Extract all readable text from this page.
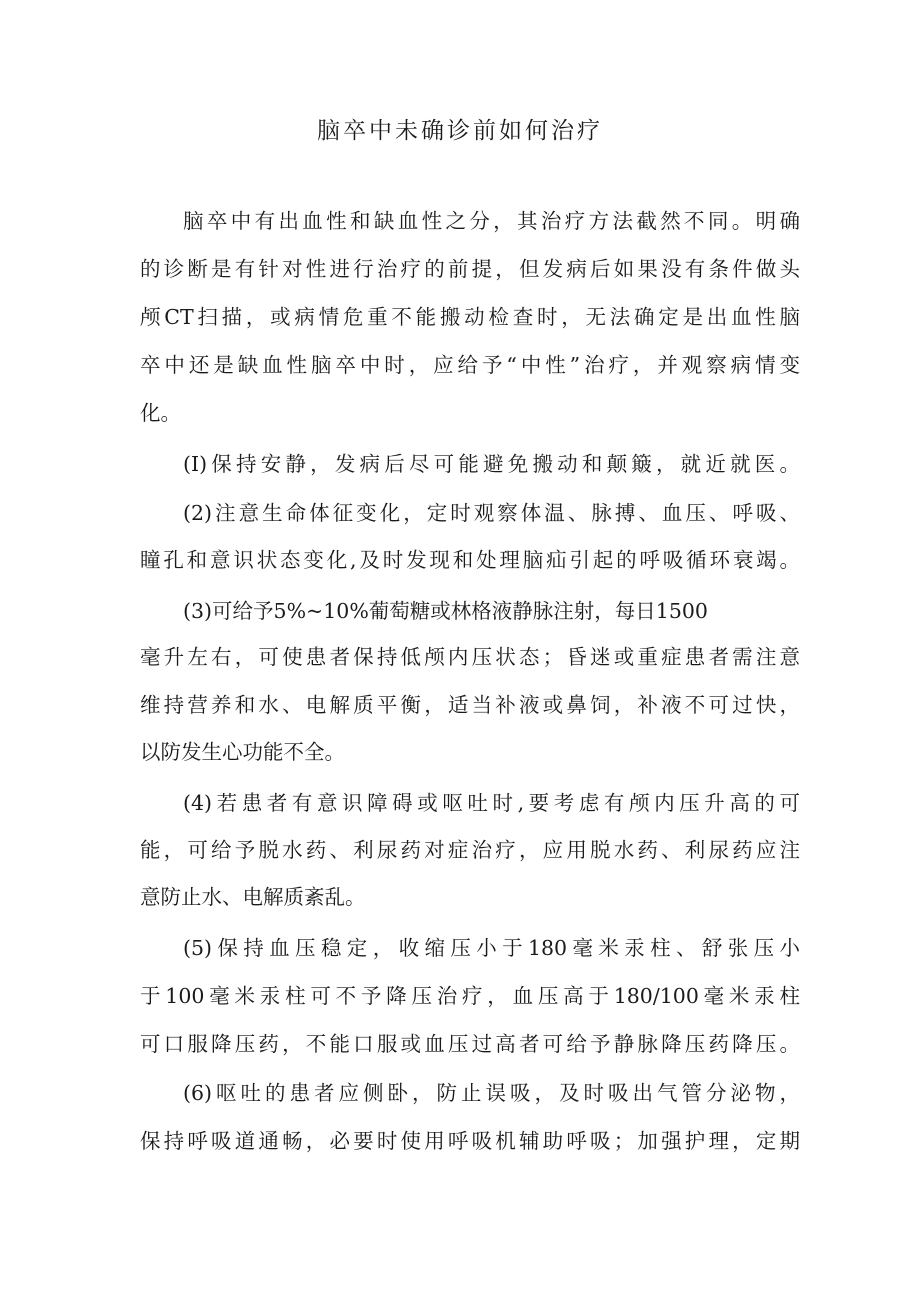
脑卒中未确诊前如何治疗
脑卒中有出血性和缺血性之分，其治疗方法截然不同。明确
的诊断是有针对性进行治疗的前提，但发病后如果没有条件做头
颅CT扫描，或病情危重不能搬动检查时，无法确定是出血性脑
卒中还是缺血性脑卒中时，应给予“中性”治疗，并观察病情变
化。
(I)保持安静，发病后尽可能避免搬动和颠簸，就近就医。
(2)注意生命体征变化，定时观察体温、脉搏、血压、呼吸、
瞳孔和意识状态变化,及时发现和处理脑疝引起的呼吸循环衰竭。
(3)可给予5%~10%葡萄糖或林格液静脉注射，每日1500
毫升左右，可使患者保持低颅内压状态；昏迷或重症患者需注意
维持营养和水、电解质平衡，适当补液或鼻饲，补液不可过快，
以防发生心功能不全。
(4)若患者有意识障碍或呕吐时,要考虑有颅内压升高的可
能，可给予脱水药、利尿药对症治疗，应用脱水药、利尿药应注
意防止水、电解质紊乱。
(5)保持血压稳定，收缩压小于180毫米汞柱、舒张压小
于100毫米汞柱可不予降压治疗，血压高于180/100毫米汞柱
可口服降压药，不能口服或血压过高者可给予静脉降压药降压。
(6)呕吐的患者应侧卧，防止误吸，及时吸出气管分泌物，
保持呼吸道通畅，必要时使用呼吸机辅助呼吸；加强护理，定期
